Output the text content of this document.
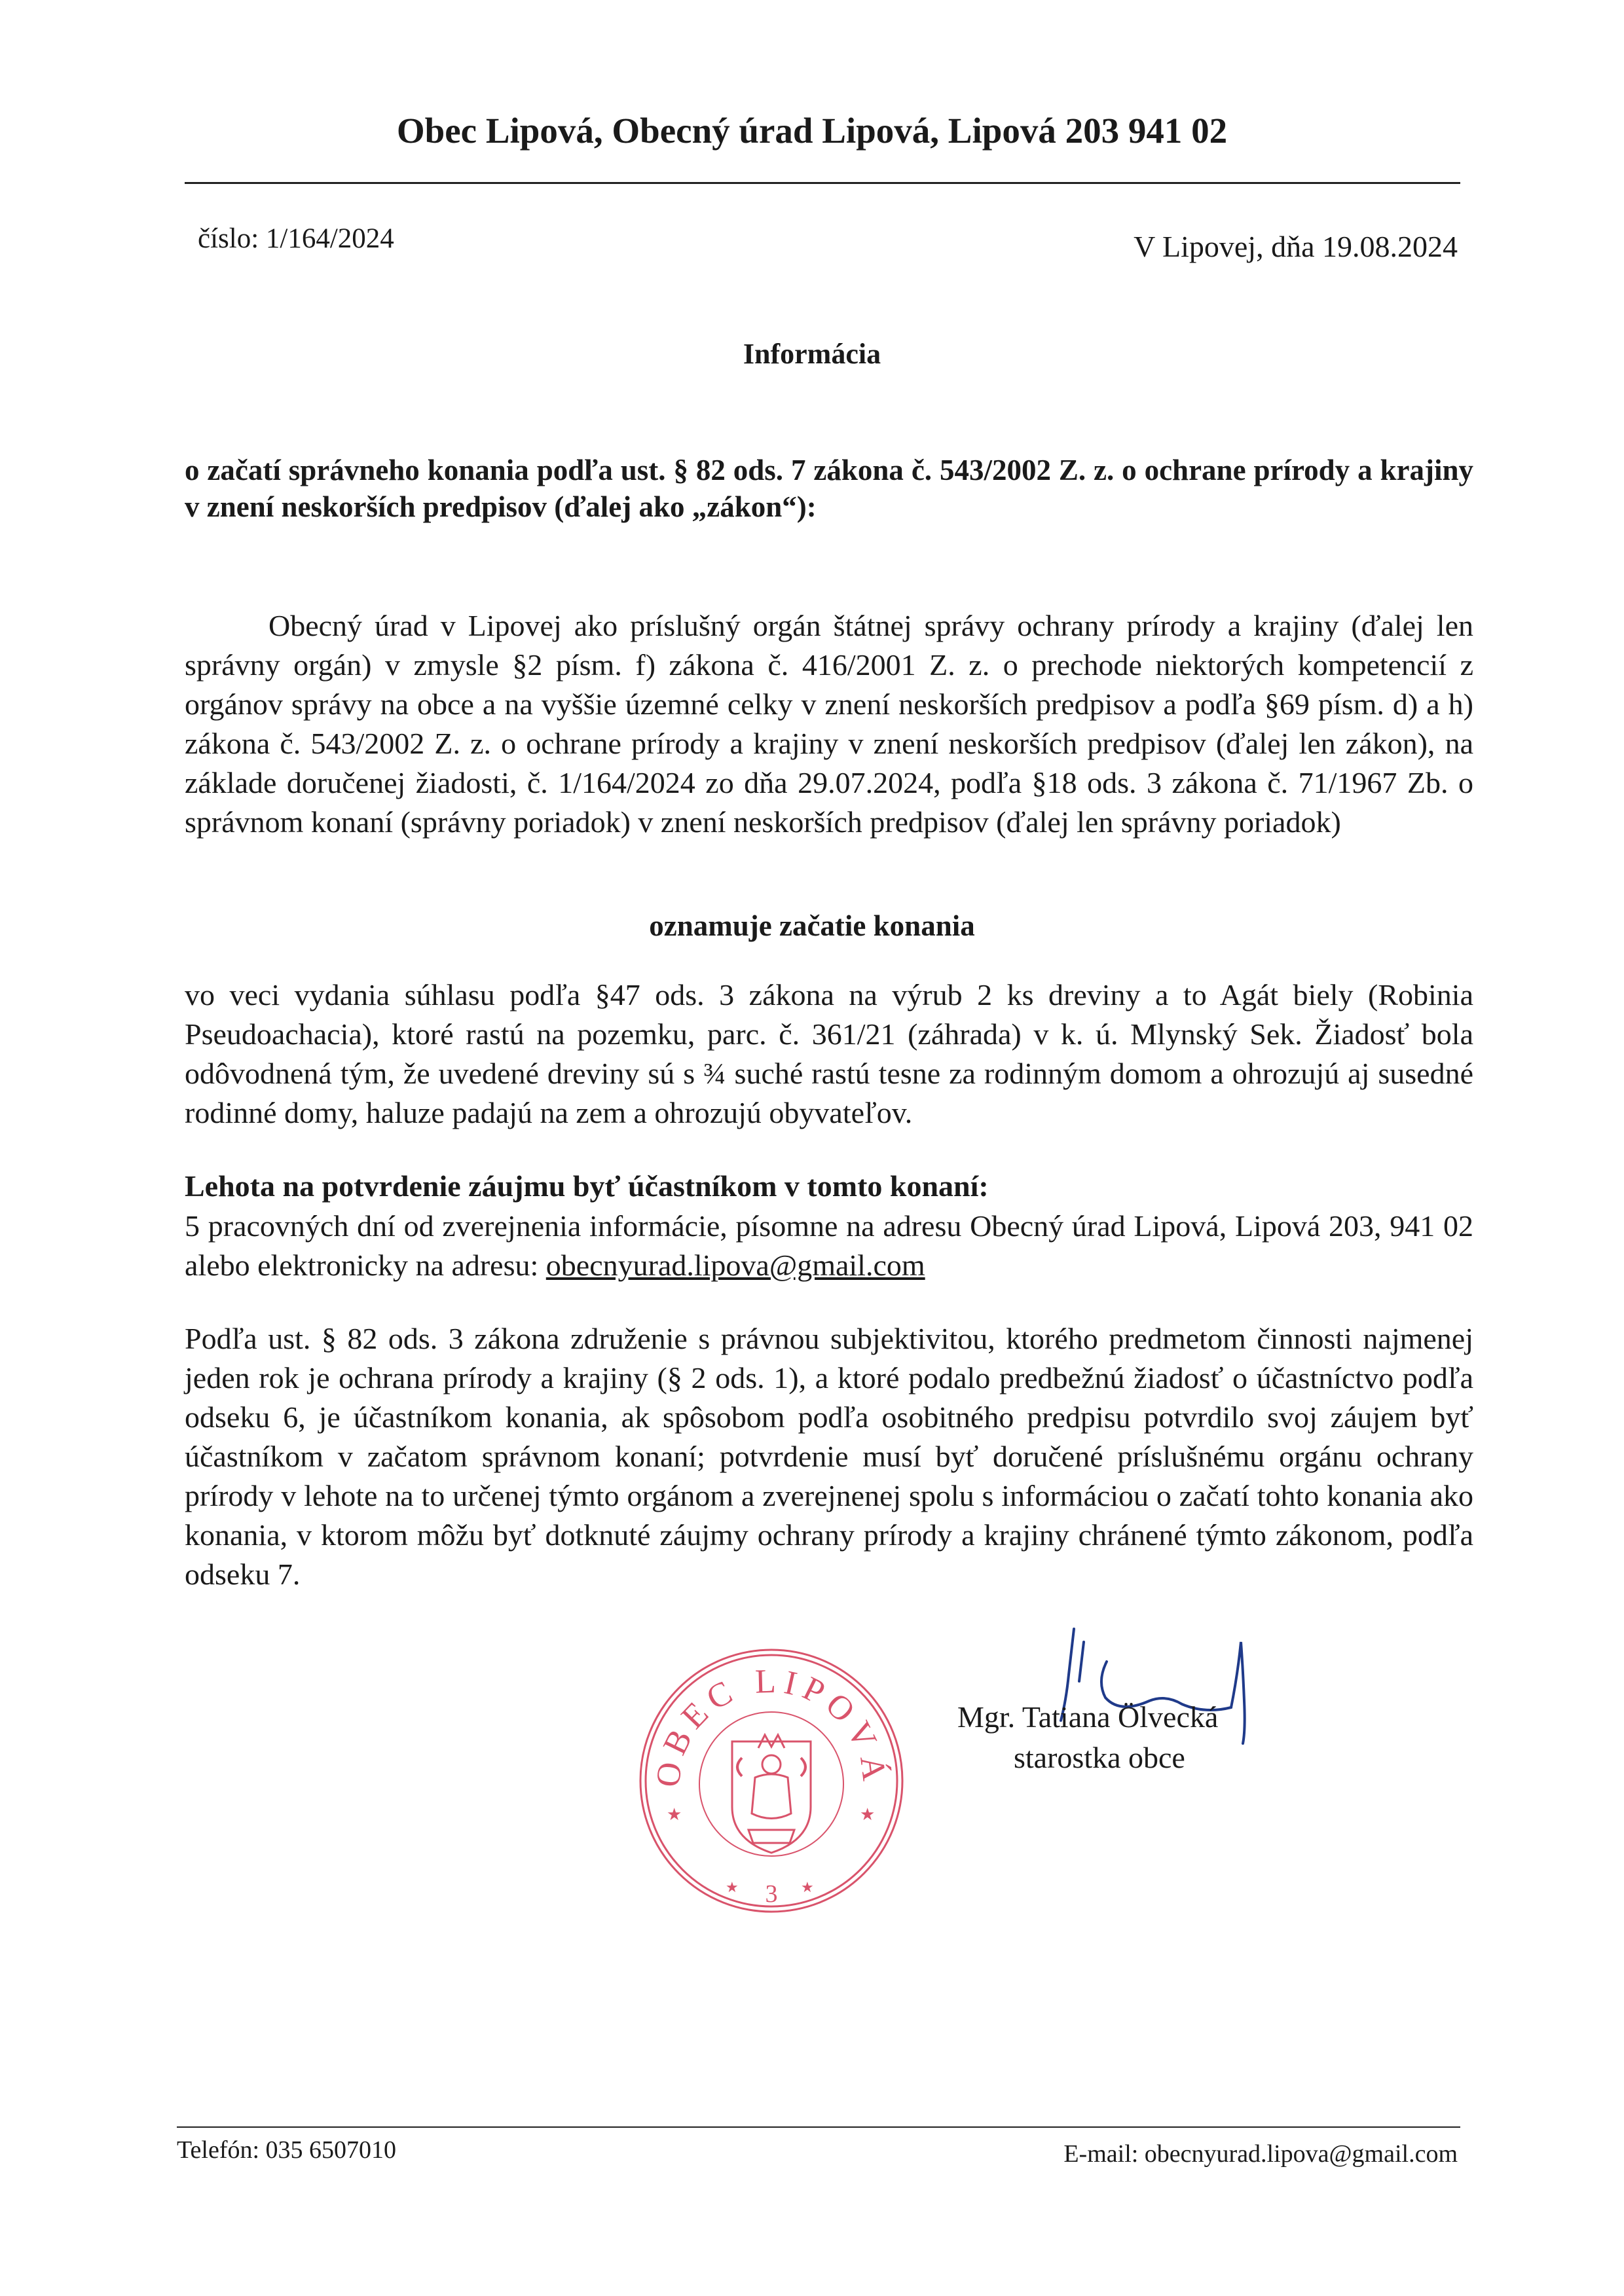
Obec Lipová, Obecný úrad Lipová, Lipová 203 941 02
číslo: 1/164/2024	V Lipovej, dňa 19.08.2024
Informácia
o začatí správneho konania podľa ust. § 82 ods. 7 zákona č. 543/2002 Z. z. o ochrane prírody a krajiny v znení neskorších predpisov (ďalej ako „zákon“):
Obecný úrad v Lipovej ako príslušný orgán štátnej správy ochrany prírody a krajiny (ďalej len správny orgán) v zmysle §2 písm. f) zákona č. 416/2001 Z. z. o prechode niektorých kompetencií z orgánov správy na obce a na vyššie územné celky v znení neskorších predpisov a podľa §69 písm. d) a h) zákona č. 543/2002 Z. z. o ochrane prírody a krajiny v znení neskorších predpisov (ďalej len zákon), na základe doručenej žiadosti, č. 1/164/2024 zo dňa 29.07.2024, podľa §18 ods. 3 zákona č. 71/1967 Zb. o správnom konaní (správny poriadok) v znení neskorších predpisov (ďalej len správny poriadok)
oznamuje začatie konania
vo veci vydania súhlasu podľa §47 ods. 3 zákona na výrub 2 ks dreviny a to Agát biely (Robinia Pseudoachacia), ktoré rastú na pozemku, parc. č. 361/21 (záhrada) v k. ú. Mlynský Sek. Žiadosť bola odôvodnená tým, že uvedené dreviny sú s ¾ suché rastú tesne za rodinným domom a ohrozujú aj susedné rodinné domy, haluze padajú na zem a ohrozujú obyvateľov.
Lehota na potvrdenie záujmu byť účastníkom v tomto konaní:
5 pracovných dní od zverejnenia informácie, písomne na adresu Obecný úrad Lipová, Lipová 203, 941 02 alebo elektronicky na adresu: obecnyurad.lipova@gmail.com
Podľa ust. § 82 ods. 3 zákona združenie s právnou subjektivitou, ktorého predmetom činnosti najmenej jeden rok je ochrana prírody a krajiny (§ 2 ods. 1), a ktoré podalo predbežnú žiadosť o účastníctvo podľa odseku 6, je účastníkom konania, ak spôsobom podľa osobitného predpisu potvrdilo svoj záujem byť účastníkom v začatom správnom konaní; potvrdenie musí byť doručené príslušnému orgánu ochrany prírody v lehote na to určenej týmto orgánom a zverejnenej spolu s informáciou o začatí tohto konania ako konania, v ktorom môžu byť dotknuté záujmy ochrany prírody a krajiny chránené týmto zákonom, podľa odseku 7.
OBEC LIPOVÁ
3
★	★
★	★
Mgr. Tatiana Ölvecká
starostka obce
Telefón: 035 6507010	E-mail: obecnyurad.lipova@gmail.com
